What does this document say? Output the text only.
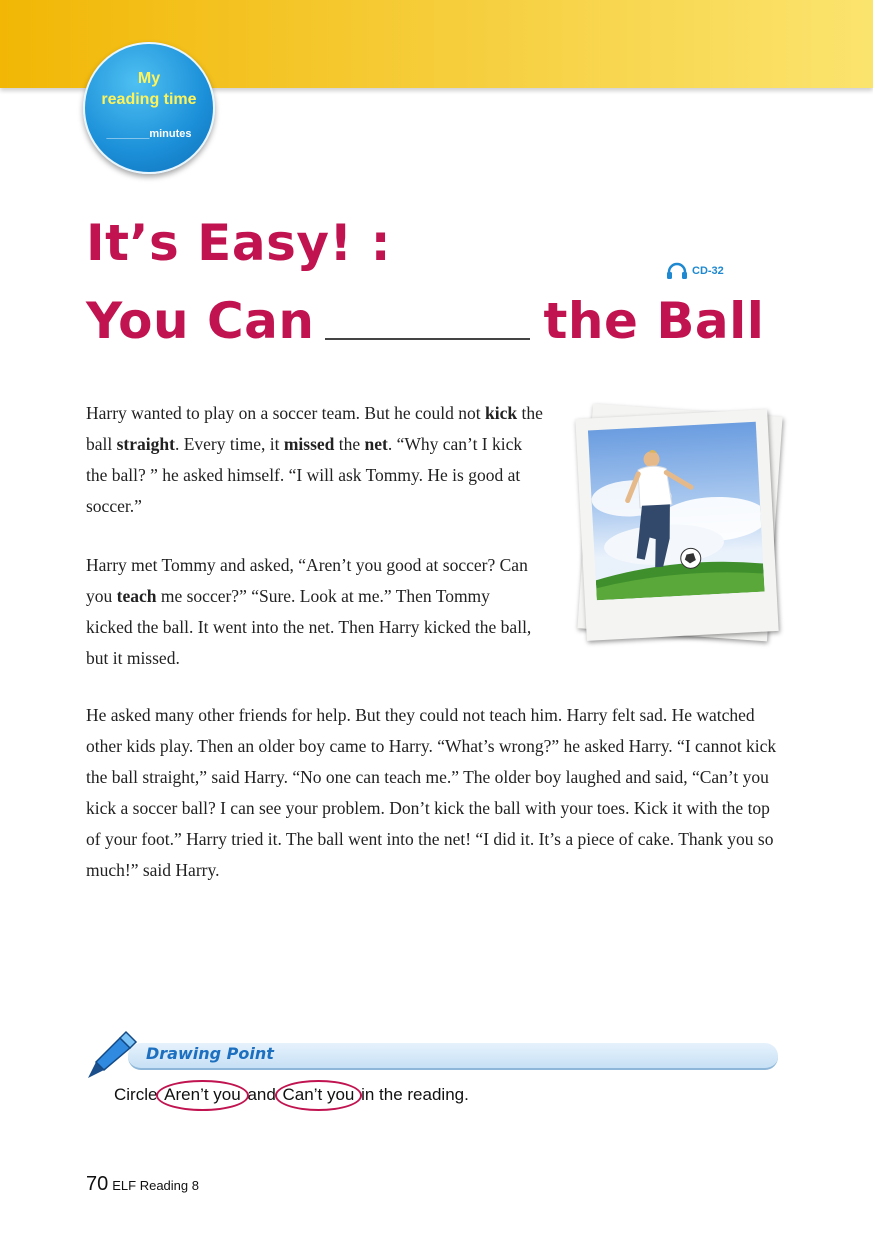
My
reading time
_______minutes
It’s Easy! :
You Can	the Ball
CD-32

Harry wanted to play on a soccer team. But he could not kick the ball straight. Every time, it missed the net. “Why can’t I kick the ball? ” he asked himself. “I will ask Tommy. He is good at soccer.”

Harry met Tommy and asked, “Aren’t you good at soccer? Can you teach me soccer?” “Sure. Look at me.” Then Tommy kicked the ball. It went into the net. Then Harry kicked the ball, but it missed.

He asked many other friends for help. But they could not teach him. Harry felt sad. He watched other kids play. Then an older boy came to Harry. “What’s wrong?” he asked Harry. “I cannot kick the ball straight,” said Harry. “No one can teach me.” The older boy laughed and said, “Can’t you kick a soccer ball? I can see your problem. Don’t kick the ball with your toes. Kick it with the top of your foot.” Harry tried it. The ball went into the net! “I did it. It’s a piece of cake. Thank you so much!” said Harry.

Drawing Point
Circle Aren’t you and Can’t you in the reading.
70 ELF Reading 8
